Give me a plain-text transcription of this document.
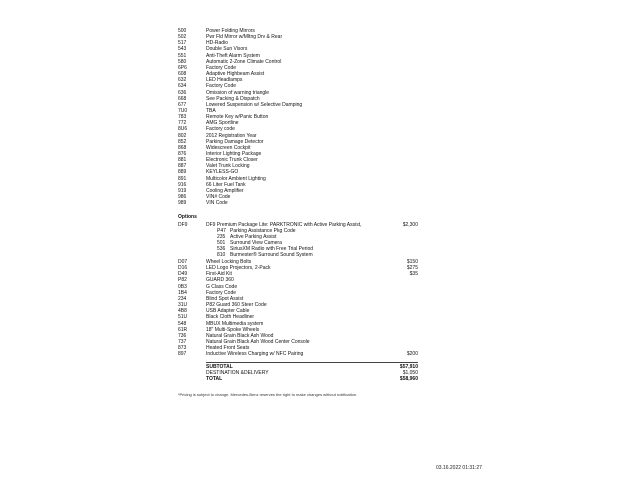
500	Power Folding Mirrors
502	Pwr Fld Mirror w/Mltng Drv & Rear
517	HD-Radio
543	Double Sun Visors
551	Anti-Theft Alarm System
580	Automatic 2-Zone Climate Control
6P6	Factory Code
608	Adaptive Highbeam Assist
632	LED Headlamps
634	Factory Code
636	Omission of warning triangle
668	See Packing & Dispatch
677	Lowered Suspension w/ Selective Damping
7U0	TBA
783	Remote Key w/Panic Button
772	AMG Sportline
8U6	Factory code
802	2012 Registration Year
852	Parking Damage Detector
868	Widescreen Cockpit
876	Interior Lighting Package
881	Electronic Trunk Closer
887	Valet Trunk Locking
889	KEYLESS-GO
891	Multicolor Ambient Lighting
916	66 Liter Fuel Tank
919	Cooling Amplifier
986	VIN# Code
989	VIN Code
Options
DF9	DF9 Premium Package Lite: PARKTRONIC with Active Parking Assist,	$2,300
P47 Parking Assistance Pkg Code
235 Active Parking Assist
501 Surround View Camera
536 SiriusXM Radio with Free Trial Period
810 Burmester® Surround Sound System
D07	Wheel Locking Bolts	$150
D16	LED Logo Projectors, 2-Pack	$275
D49	First-Aid Kit	$35
P82	GUARD 360
0B3	G Class Code
1B4	Factory Code
234	Blind Spot Assist
31U	P82 Guard 360 Steer Code
4B8	USB Adapter Cable
51U	Black Cloth Headliner
548	MBUX Multimedia system
61R	18" Multi-Spoke Wheels
736	Natural Grain Black Ash Wood
737	Natural Grain Black Ash Wood Center Console
873	Heated Front Seats
897	Inductive Wireless Charging w/ NFC Pairing	$200
SUBTOTAL	$57,910
DESTINATION &DELIVERY	$1,050
TOTAL	$58,960
*Pricing is subject to change. Mercedes-Benz reserves the right to make changes without notification.
03.16.2022 01:31:27
